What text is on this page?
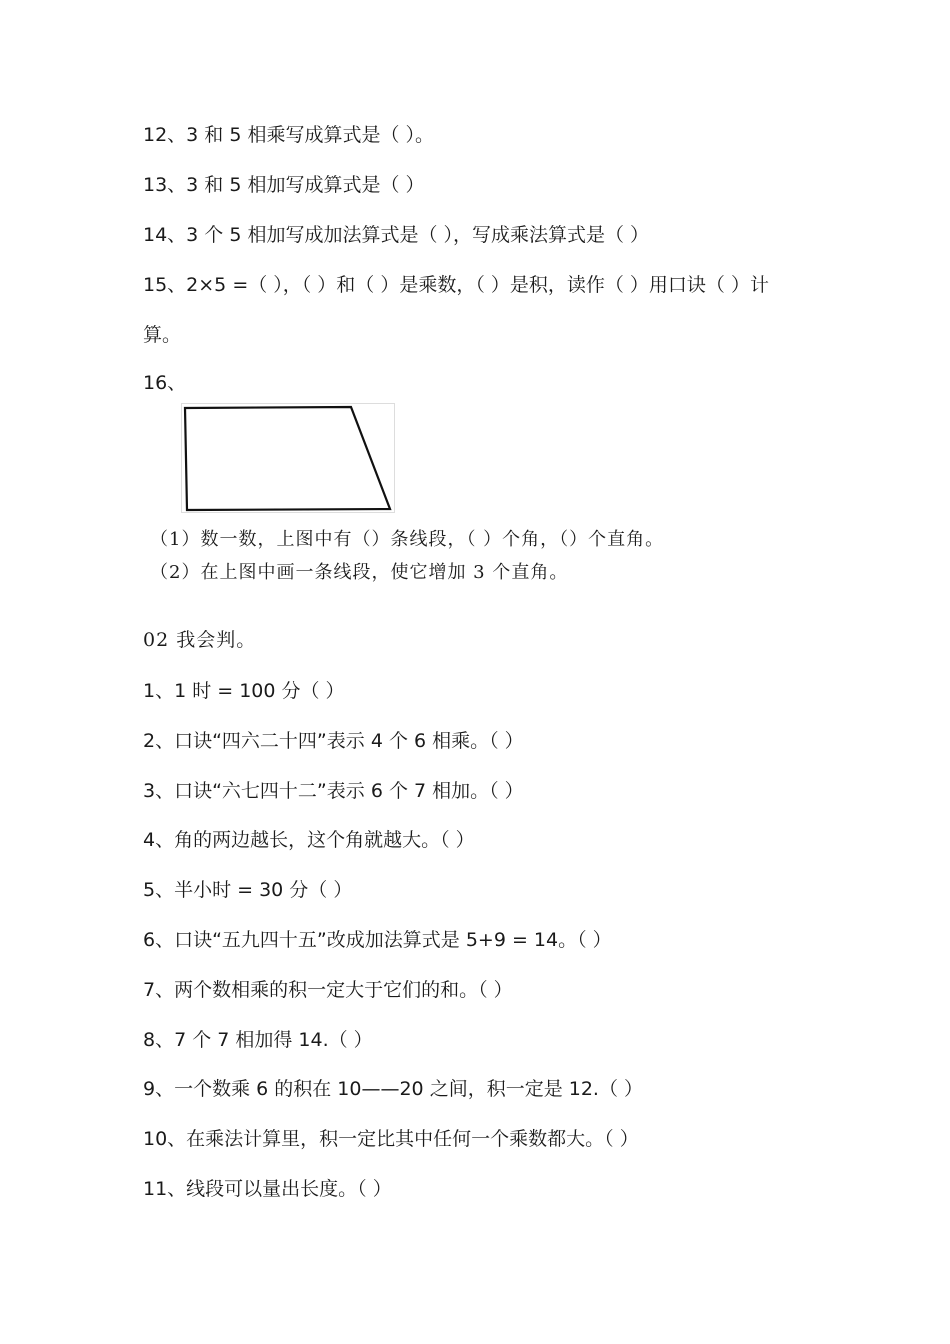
12、3 和 5 相乘写成算式是（ ）。

13、3 和 5 相加写成算式是（ ）

14、3 个 5 相加写成加法算式是（ ），写成乘法算式是（ ）

15、2×5 =（ ），（ ）和（ ）是乘数，（ ）是积，读作（ ）用口诀（ ）计

算。

16、

（1）数一数，上图中有（）条线段，（ ）个角，（）个直角。

（2）在上图中画一条线段，使它增加 3 个直角。

02 我会判。

1、1 时 = 100 分（ ）

2、口诀“四六二十四”表示 4 个 6 相乘。（ ）

3、口诀“六七四十二”表示 6 个 7 相加。（ ）

4、角的两边越长，这个角就越大。（ ）

5、半小时 = 30 分（ ）

6、口诀“五九四十五”改成加法算式是 5+9 = 14。（ ）

7、两个数相乘的积一定大于它们的和。（ ）

8、7 个 7 相加得 14.（ ）

9、一个数乘 6 的积在 10——20 之间，积一定是 12.（ ）

10、在乘法计算里，积一定比其中任何一个乘数都大。（ ）

11、线段可以量出长度。（ ）
